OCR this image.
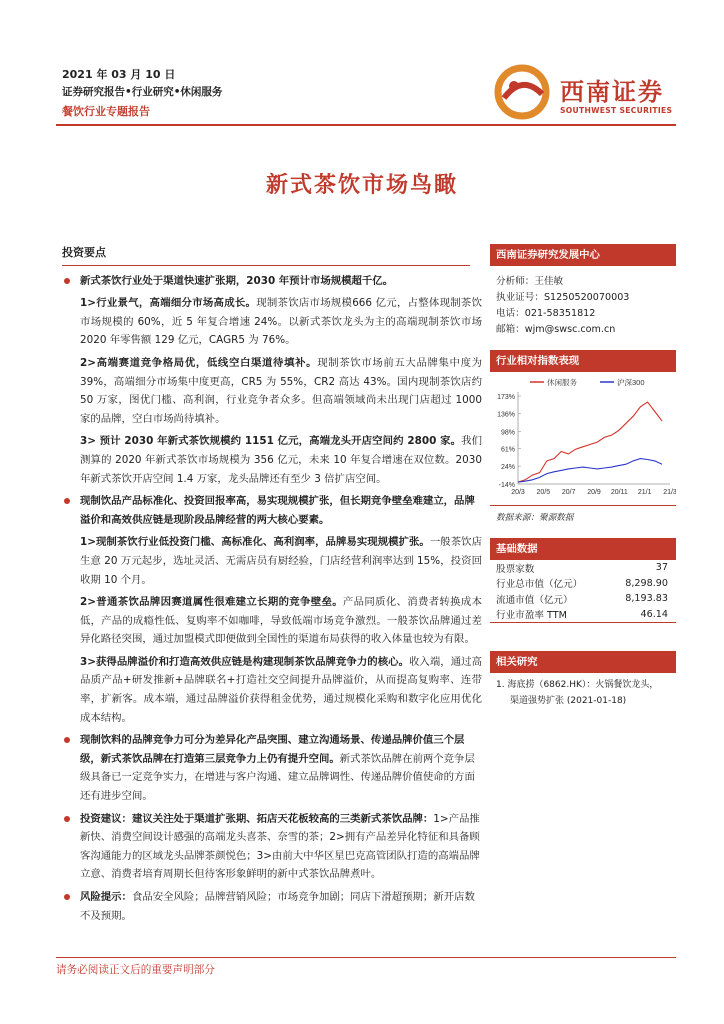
2021 年 03 月 10 日
证券研究报告•行业研究•休闲服务
餐饮行业专题报告
西南证券
SOUTHWEST SECURITIES
新式茶饮市场鸟瞰
投资要点
新式茶饮行业处于渠道快速扩张期，2030 年预计市场规模超千亿。
1>行业景气，高端细分市场高成长。现制茶饮店市场规模666 亿元，占整体现制茶饮市场规模的 60%，近 5 年复合增速 24%。以新式茶饮龙头为主的高端现制茶饮市场 2020 年零售额 129 亿元，CAGR5 为 76%。
2>高端赛道竞争格局优，低线空白渠道待填补。现制茶饮市场前五大品牌集中度为 39%，高端细分市场集中度更高，CR5 为 55%，CR2 高达 43%。国内现制茶饮店约 50 万家，图优门槛、高利润，行业竞争者众多。但高端领域尚未出现门店超过 1000 家的品牌，空白市场尚待填补。
3> 预计 2030 年新式茶饮规模约 1151 亿元，高端龙头开店空间约 2800 家。我们测算的 2020 年新式茶饮市场规模为 356 亿元，未来 10 年复合增速在双位数。2030 年新式茶饮开店空间 1.4 万家，龙头品牌还有至少 3 倍扩店空间。
现制饮品产品标准化、投资回报率高，易实现规模扩张，但长期竞争壁垒难建立，品牌溢价和高效供应链是现阶段品牌经营的两大核心要素。
1>现制茶饮行业低投资门槛、高标准化、高利润率，品牌易实现规模扩张。一般茶饮店生意 20 万元起步，选址灵活、无需店员有厨经验，门店经营利润率达到 15%，投资回收期 10 个月。
2>普通茶饮品牌因赛道属性很难建立长期的竞争壁垒。产品同质化、消费者转换成本低，产品的成瘾性低、复购率不如咖啡，导致低端市场竞争激烈。一般茶饮品牌通过差异化路径突围，通过加盟模式即便做到全国性的渠道布局获得的收入体量也较为有限。
3>获得品牌溢价和打造高效供应链是构建现制茶饮品牌竞争力的核心。收入端，通过高品质产品+研发推新+品牌联名+打造社交空间提升品牌溢价，从而提高复购率、连带率，扩新客。成本端，通过品牌溢价获得租金优势，通过规模化采购和数字化应用优化成本结构。
现制饮料的品牌竞争力可分为差异化产品突围、建立沟通场景、传递品牌价值三个层级，新式茶饮品牌在打造第三层竞争力上仍有提升空间。新式茶饮品牌在前两个竞争层级具备已一定竞争实力，在增进与客户沟通、建立品牌调性、传递品牌价值使命的方面还有进步空间。
投资建议：建议关注处于渠道扩张期、拓店天花板较高的三类新式茶饮品牌：1>产品推新快、消费空间设计感强的高端龙头喜茶、奈雪的茶；2>拥有产品差异化特征和具备顾客沟通能力的区域龙头品牌茶颜悦色；3>由前大中华区星巴克高管团队打造的高端品牌立意、消费者培育周期长但待客形象鲜明的新中式茶饮品牌煮叶。
风险提示：食品安全风险；品牌营销风险；市场竞争加剧；同店下滑超预期；新开店数不及预期。
西南证券研究发展中心
分析师：王佳敏
执业证号：S1250520070003
电话：021-58351812
邮箱：wjm@swsc.com.cn
行业相对指数表现
休闲服务	沪深300
173%
136%
98%
61%
24%
-14%
20/3 20/5 20/7 20/9 20/11 21/1 21/3
数据来源：聚源数据
基础数据
股票家数	37
行业总市值（亿元）	8,298.90
流通市值（亿元）	8,193.83
行业市盈率 TTM	46.14
相关研究
1. 海底捞（6862.HK）：火锅餐饮龙头，
渠道强势扩张 (2021-01-18)
请务必阅读正文后的重要声明部分
